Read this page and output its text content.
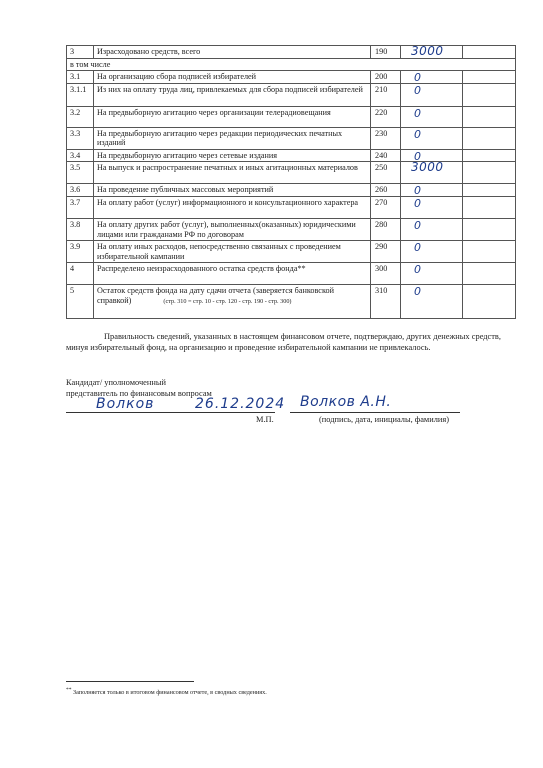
3	Израсходовано средств, всего	190	3000	

в том числе				
3.1	На организацию сбора подписей избирателей	200	0	

3.1.1	Из них на оплату труда лиц, привлекаемых для сбора подписей избирателей	210	0	

3.2	На предвыборную агитацию через организации телерадиовещания	220	0	

3.3	На предвыборную агитацию через редакции периодических печатных изданий	230	0	

3.4	На предвыборную агитацию через сетевые издания	240	0	

3.5	На выпуск и распространение печатных и иных агитационных материалов	250	3000	

3.6	На проведение публичных массовых мероприятий	260	0	

3.7	На оплату работ (услуг) информационного и консультационного характера	270	0	

3.8	На оплату других работ (услуг), выполненных(оказанных) юридическими лицами или гражданами РФ по договорам	280	0	

3.9	На оплату иных расходов, непосредственно связанных с проведением избирательной кампании	290	0	

4	Распределено неизрасходованного остатка средств фонда**	300	0	

5	Остаток средств фонда на дату сдачи отчета (заверяется банковской справкой) (стр. 310 = стр. 10 - стр. 120 - стр. 190 - стр. 300)	310	0	

Правильность сведений, указанных в настоящем финансовом отчете, подтверждаю, других денежных средств, минуя избирательный фонд, на организацию и проведение избирательной кампании не привлекалось.
Кандидат/ уполномоченный
представитель по финансовым вопросам
Волков	26.12.2024 Волков А.Н.
М.П.	(подпись, дата, инициалы, фамилия)
** Заполняется только в итоговом финансовом отчете, в сводных сведениях.
